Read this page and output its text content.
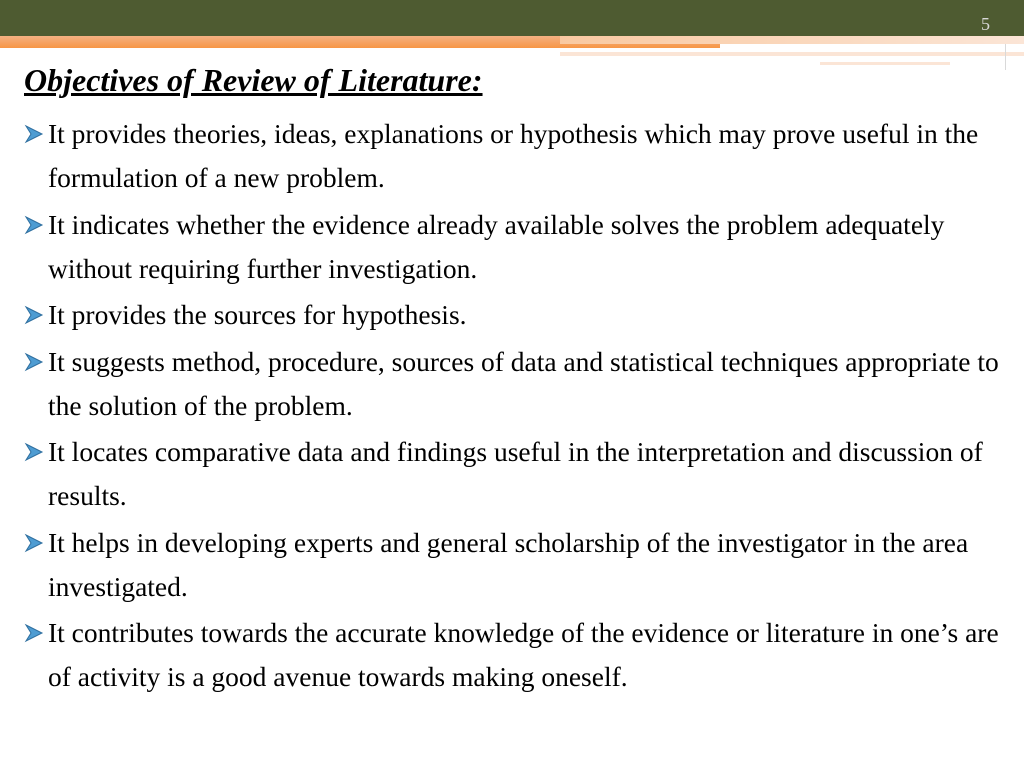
5
Objectives of Review of Literature:
It provides theories, ideas, explanations or hypothesis which may prove useful in the formulation of a new problem.
It indicates whether the evidence already available solves the problem adequately without requiring further investigation.
It provides the sources for hypothesis.
It suggests method, procedure, sources of data and statistical techniques appropriate to the solution of the problem.
It locates comparative data and findings useful in the interpretation and discussion of results.
It helps in developing experts and general scholarship of the investigator in the area investigated.
It contributes towards the accurate knowledge of the evidence or literature in one’s are of activity is a good avenue towards making oneself.
